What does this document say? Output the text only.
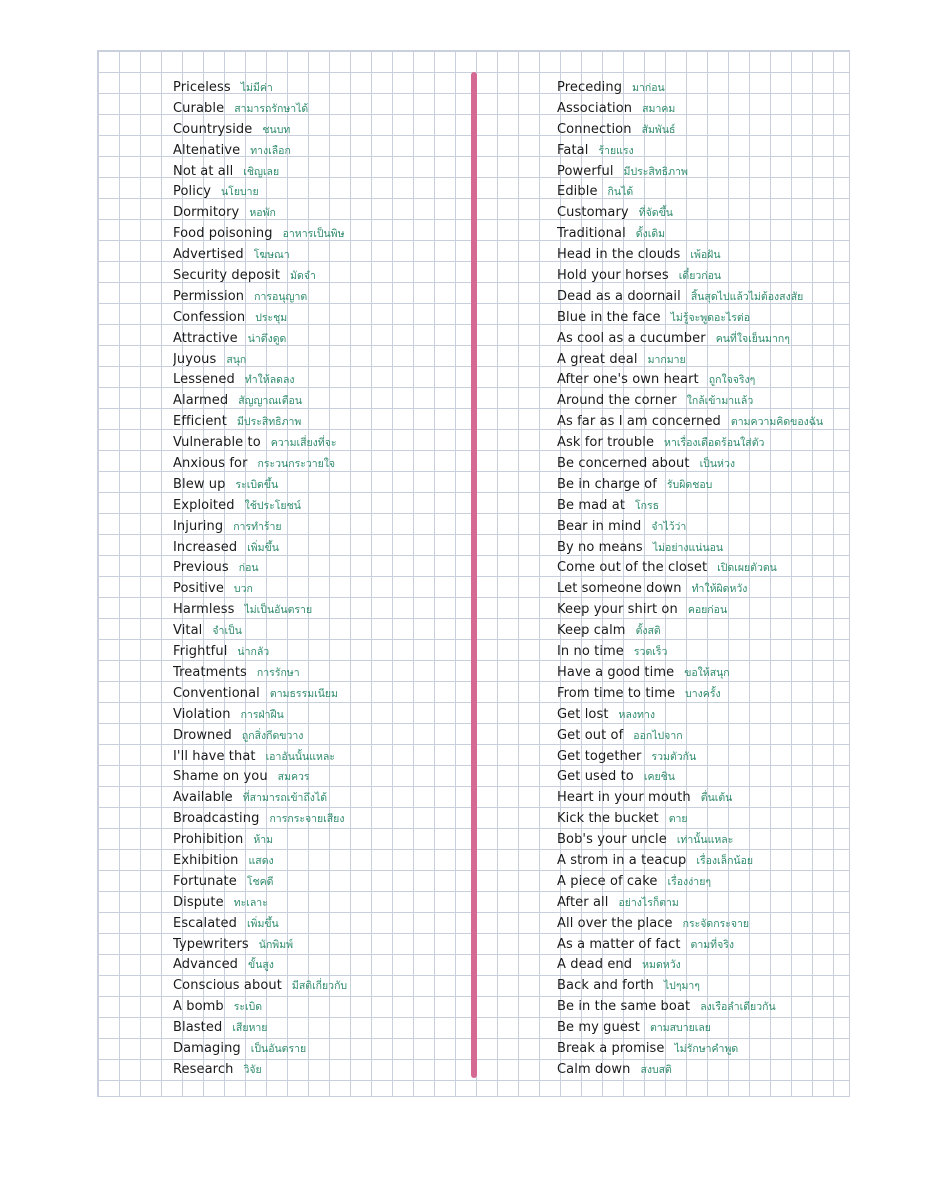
Priceless ไม่มีค่า
Curable สามารถรักษาได้
Countryside ชนบท
Altenative ทางเลือก
Not at all เชิญเลย
Policy นโยบาย
Dormitory หอพัก
Food poisoning อาหารเป็นพิษ
Advertised โฆษณา
Security deposit มัดจำ
Permission การอนุญาต
Confession ประชุม
Attractive น่าดึงดูด
Juyous สนุก
Lessened ทำให้ลดลง
Alarmed สัญญาณเตือน
Efficient มีประสิทธิภาพ
Vulnerable to ความเสี่ยงที่จะ
Anxious for กระวนกระวายใจ
Blew up ระเบิดขึ้น
Exploited ใช้ประโยชน์
Injuring การทำร้าย
Increased เพิ่มขึ้น
Previous ก่อน
Positive บวก
Harmless ไม่เป็นอันตราย
Vital จำเป็น
Frightful น่ากลัว
Treatments การรักษา
Conventional ตามธรรมเนียม
Violation การฝ่าฝืน
Drowned ถูกสิ่งกีดขวาง
I'll have that เอาอันนั้นแหละ
Shame on you สมควร
Available ที่สามารถเข้าถึงได้
Broadcasting การกระจายเสียง
Prohibition ห้าม
Exhibition แสดง
Fortunate โชคดี
Dispute ทะเลาะ
Escalated เพิ่มขึ้น
Typewriters นักพิมพ์
Advanced ขั้นสูง
Conscious about มีสติเกี่ยวกับ
A bomb ระเบิด
Blasted เสียหาย
Damaging เป็นอันตราย
Research วิจัย
Preceding มาก่อน
Association สมาคม
Connection สัมพันธ์
Fatal ร้ายแรง
Powerful มีประสิทธิภาพ
Edible กินได้
Customary ที่จัดขึ้น
Traditional ดั้งเดิม
Head in the clouds เพ้อฝัน
Hold your horses เดี๋ยวก่อน
Dead as a doornail สิ้นสุดไปแล้วไม่ต้องสงสัย
Blue in the face ไม่รู้จะพูดอะไรต่อ
As cool as a cucumber คนที่ใจเย็นมากๆ
A great deal มากมาย
After one's own heart ถูกใจจริงๆ
Around the corner ใกล้เข้ามาแล้ว
As far as I am concerned ตามความคิดของฉัน
Ask for trouble หาเรื่องเดือดร้อนใส่ตัว
Be concerned about เป็นห่วง
Be in charge of รับผิดชอบ
Be mad at โกรธ
Bear in mind จำไว้ว่า
By no means ไม่อย่างแน่นอน
Come out of the closet เปิดเผยตัวตน
Let someone down ทำให้ผิดหวัง
Keep your shirt on คอยก่อน
Keep calm ตั้งสติ
In no time รวดเร็ว
Have a good time ขอให้สนุก
From time to time บางครั้ง
Get lost หลงทาง
Get out of ออกไปจาก
Get together รวมตัวกัน
Get used to เคยชิน
Heart in your mouth ตื่นเต้น
Kick the bucket ตาย
Bob's your uncle เท่านั้นแหละ
A strom in a teacup เรื่องเล็กน้อย
A piece of cake เรื่องง่ายๆ
After all อย่างไรก็ตาม
All over the place กระจัดกระจาย
As a matter of fact ตามที่จริง
A dead end หมดหวัง
Back and forth ไปๆมาๆ
Be in the same boat ลงเรือลำเดียวกัน
Be my guest ตามสบายเลย
Break a promise ไม่รักษาคำพูด
Calm down สงบสติ
